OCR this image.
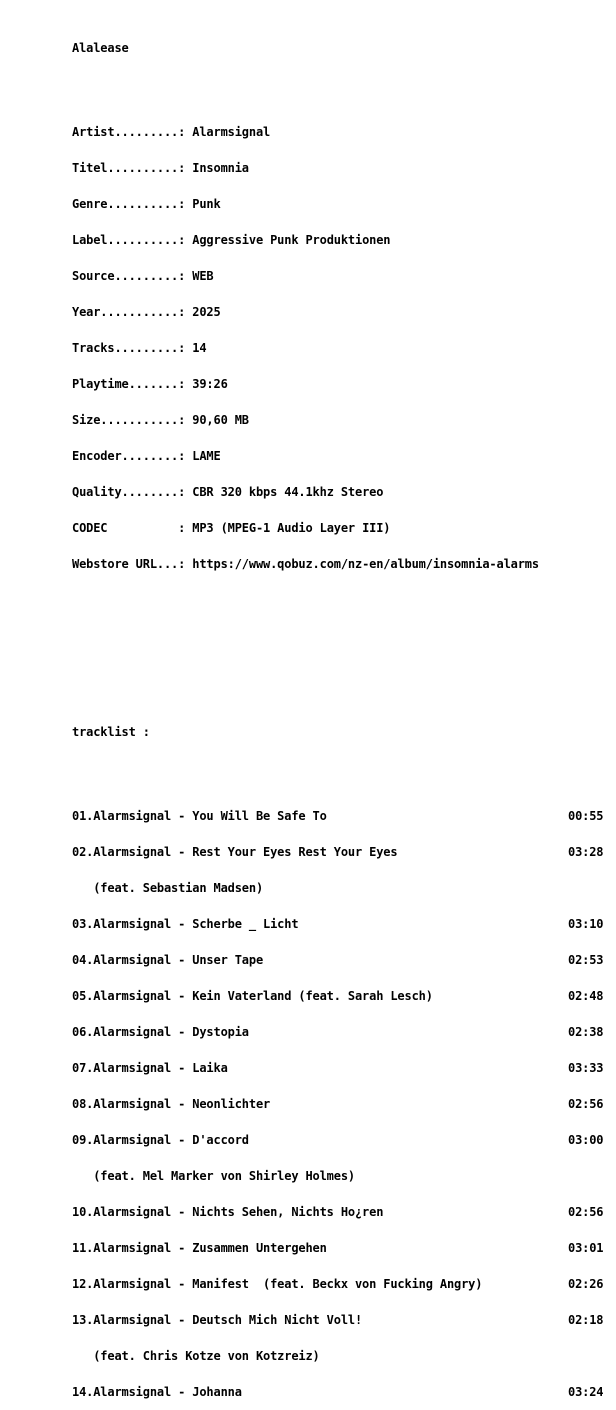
Alalease

Artist.........: Alarmsignal

Titel..........: Insomnia

Genre..........: Punk

Label..........: Aggressive Punk Produktionen

Source.........: WEB

Year...........: 2025

Tracks.........: 14

Playtime.......: 39:26

Size...........: 90,60 MB

Encoder........: LAME

Quality........: CBR 320 kbps 44.1khz Stereo

CODEC          : MP3 (MPEG-1 Audio Layer III)

Webstore URL...: https://www.qobuz.com/nz-en/album/insomnia-alarms

tracklist :

01.Alarmsignal - You Will Be Safe To	00:55

02.Alarmsignal - Rest Your Eyes Rest Your Eyes	03:28

(feat. Sebastian Madsen)

03.Alarmsignal - Scherbe _ Licht	03:10

04.Alarmsignal - Unser Tape	02:53

05.Alarmsignal - Kein Vaterland (feat. Sarah Lesch)	02:48

06.Alarmsignal - Dystopia	02:38

07.Alarmsignal - Laika	03:33

08.Alarmsignal - Neonlichter	02:56

09.Alarmsignal - D'accord	03:00

(feat. Mel Marker von Shirley Holmes)

10.Alarmsignal - Nichts Sehen, Nichts Ho¿ren	02:56

11.Alarmsignal - Zusammen Untergehen	03:01

12.Alarmsignal - Manifest  (feat. Beckx von Fucking Angry)	02:26

13.Alarmsignal - Deutsch Mich Nicht Voll!	02:18

(feat. Chris Kotze von Kotzreiz)

14.Alarmsignal - Johanna	03:24
